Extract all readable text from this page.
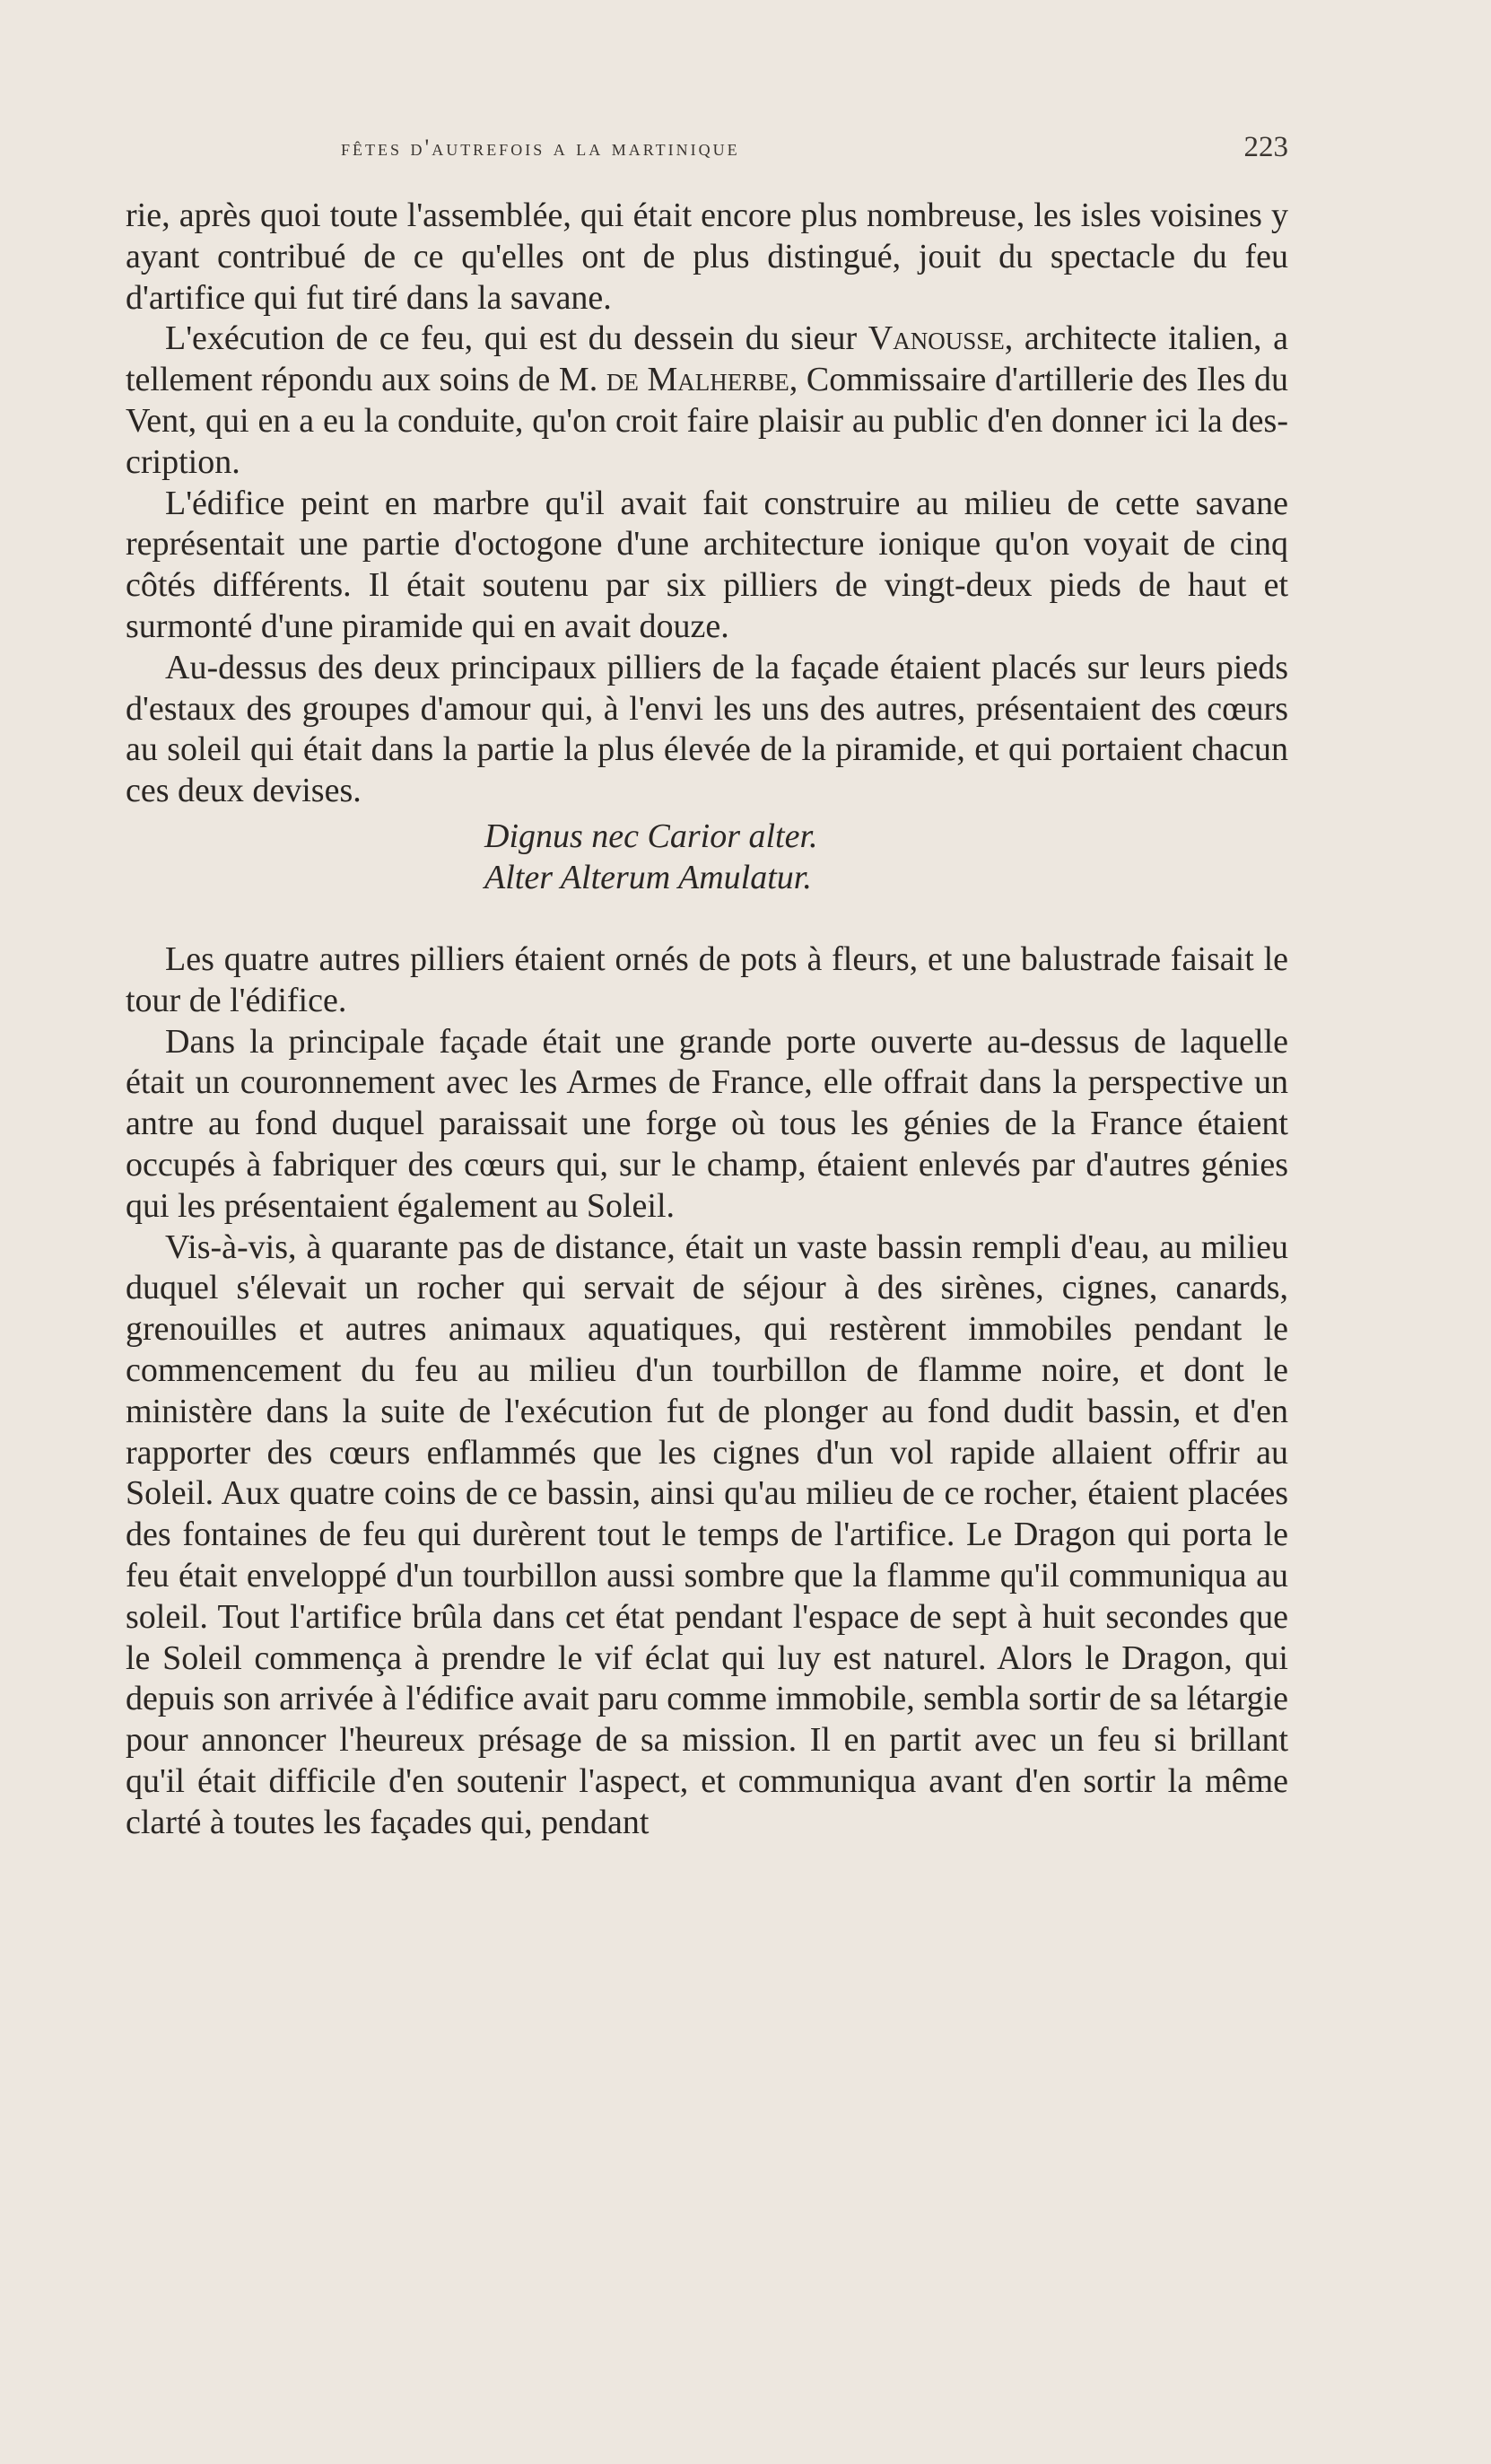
fêtes d'autrefois a la martinique	223

rie, après quoi toute l'assemblée, qui était encore plus nombreuse, les isles voisines y ayant contribué de ce qu'elles ont de plus distingué, jouit du spectacle du feu d'artifice qui fut tiré dans la savane.

L'exécution de ce feu, qui est du dessein du sieur Vanousse, architecte italien, a tellement répondu aux soins de M. de Malherbe, Commissaire d'artillerie des Iles du Vent, qui en a eu la conduite, qu'on croit faire plaisir au public d'en donner ici la description.

L'édifice peint en marbre qu'il avait fait construire au milieu de cette savane représentait une partie d'octogone d'une architecture ionique qu'on voyait de cinq côtés différents. Il était soutenu par six pilliers de vingt-deux pieds de haut et surmonté d'une piramide qui en avait douze.

Au-dessus des deux principaux pilliers de la façade étaient placés sur leurs pieds d'estaux des groupes d'amour qui, à l'envi les uns des autres, présentaient des cœurs au soleil qui était dans la partie la plus élevée de la piramide, et qui portaient chacun ces deux devises.

Dignus nec Carior alter.
Alter Alterum Amulatur.

Les quatre autres pilliers étaient ornés de pots à fleurs, et une balustrade faisait le tour de l'édifice.

Dans la principale façade était une grande porte ouverte au-dessus de laquelle était un couronnement avec les Armes de France, elle offrait dans la perspective un antre au fond duquel paraissait une forge où tous les génies de la France étaient occupés à fabriquer des cœurs qui, sur le champ, étaient enlevés par d'autres génies qui les présentaient également au Soleil.

Vis-à-vis, à quarante pas de distance, était un vaste bassin rempli d'eau, au milieu duquel s'élevait un rocher qui servait de séjour à des sirènes, cignes, canards, grenouilles et autres animaux aquatiques, qui restèrent immobiles pendant le commencement du feu au milieu d'un tourbillon de flamme noire, et dont le ministère dans la suite de l'exécution fut de plonger au fond dudit bassin, et d'en rapporter des cœurs enflammés que les cignes d'un vol rapide allaient offrir au Soleil. Aux quatre coins de ce bassin, ainsi qu'au milieu de ce rocher, étaient placées des fontaines de feu qui durèrent tout le temps de l'artifice. Le Dragon qui porta le feu était enveloppé d'un tourbillon aussi sombre que la flamme qu'il communiqua au soleil. Tout l'artifice brûla dans cet état pendant l'espace de sept à huit secondes que le Soleil commença à prendre le vif éclat qui luy est naturel. Alors le Dragon, qui depuis son arrivée à l'édifice avait paru comme immobile, sembla sortir de sa létargie pour annoncer l'heureux présage de sa mission. Il en partit avec un feu si brillant qu'il était difficile d'en soutenir l'aspect, et communiqua avant d'en sortir la même clarté à toutes les façades qui, pendant
